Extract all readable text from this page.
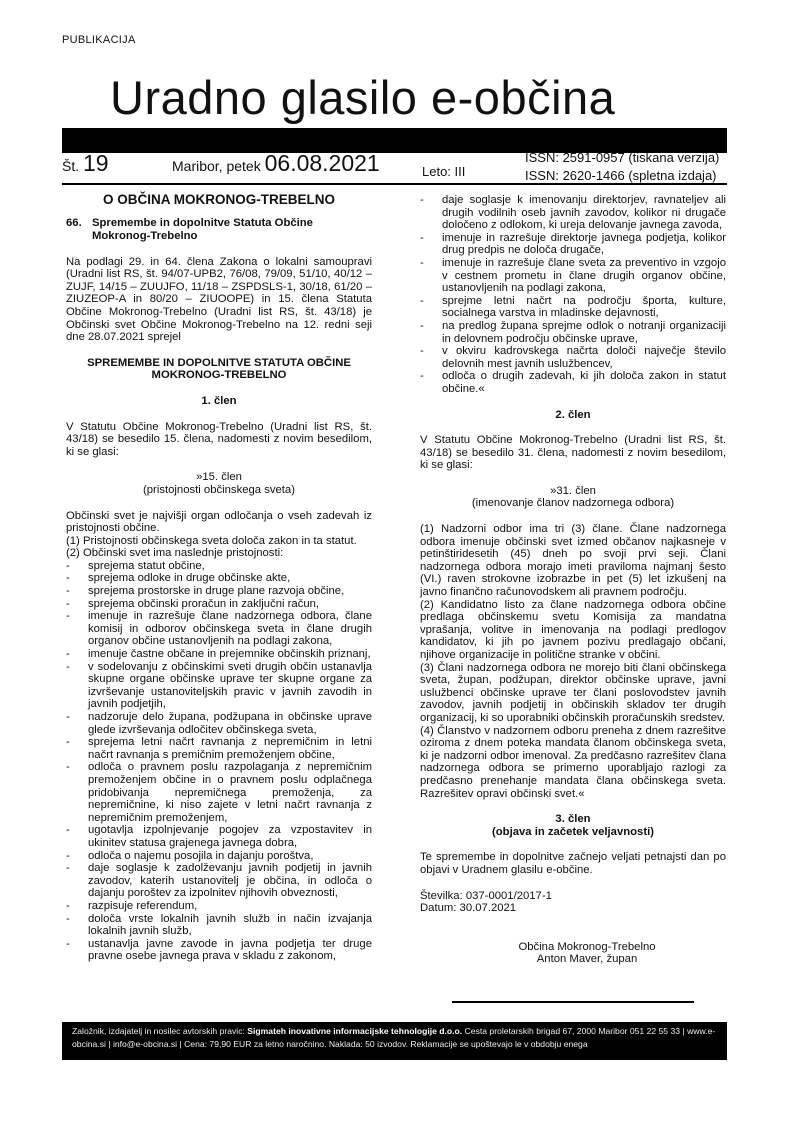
PUBLIKACIJA
Uradno glasilo e-občina
Št. 19	Maribor, petek 06.08.2021	Leto: III
ISSN: 2591-0957 (tiskana verzija)
ISSN: 2620-1466 (spletna izdaja)
O OBČINA MOKRONOG-TREBELNO
66. Spremembe in dopolnitve Statuta Občine Mokronog-Trebelno

Na podlagi 29. in 64. člena Zakona o lokalni samoupravi (Uradni list RS, št. 94/07-UPB2, 76/08, 79/09, 51/10, 40/12 – ZUJF, 14/15 – ZUUJFO, 11/18 – ZSPDSLS-1, 30/18, 61/20 – ZIUZEOP-A in 80/20 – ZIUOOPE) in 15. člena Statuta Občine Mokronog-Trebelno (Uradni list RS, št. 43/18) je Občinski svet Občine Mokronog-Trebelno na 12. redni seji dne 28.07.2021 sprejel

SPREMEMBE IN DOPOLNITVE STATUTA OBČINE
MOKRONOG-TREBELNO
1. člen

V Statutu Občine Mokronog-Trebelno (Uradni list RS, št. 43/18) se besedilo 15. člena, nadomesti z novim besedilom, ki se glasi:

»15. člen
(pristojnosti občinskega sveta)

Občinski svet je najvišji organ odločanja o vseh zadevah iz pristojnosti občine.

(1) Pristojnosti občinskega sveta določa zakon in ta statut.

(2) Občinski svet ima naslednje pristojnosti:

- sprejema statut občine,
- sprejema odloke in druge občinske akte,
- sprejema prostorske in druge plane razvoja občine,
- sprejema občinski proračun in zaključni račun,
- imenuje in razrešuje člane nadzornega odbora, člane komisij in odborov občinskega sveta in člane drugih organov občine ustanovljenih na podlagi zakona,
- imenuje častne občane in prejemnike občinskih priznanj,
- v sodelovanju z občinskimi sveti drugih občin ustanavlja skupne organe občinske uprave ter skupne organe za izvrševanje ustanoviteljskih pravic v javnih zavodih in javnih podjetjih,
- nadzoruje delo župana, podžupana in občinske uprave glede izvrševanja odločitev občinskega sveta,
- sprejema letni načrt ravnanja z nepremičnim in letni načrt ravnanja s premičnim premoženjem občine,
- odloča o pravnem poslu razpolaganja z nepremičnim premoženjem občine in o pravnem poslu odplačnega pridobivanja nepremičnega premoženja, za nepremičnine, ki niso zajete v letni načrt ravnanja z nepremičnim premoženjem,
- ugotavlja izpolnjevanje pogojev za vzpostavitev in ukinitev statusa grajenega javnega dobra,
- odloča o najemu posojila in dajanju poroštva,
- daje soglasje k zadolževanju javnih podjetij in javnih zavodov, katerih ustanovitelj je občina, in odloča o dajanju poroštev za izpolnitev njihovih obveznosti,
- razpisuje referendum,
- določa vrste lokalnih javnih služb in način izvajanja lokalnih javnih služb,
- ustanavlja javne zavode in javna podjetja ter druge pravne osebe javnega prava v skladu z zakonom,
- daje soglasje k imenovanju direktorjev, ravnateljev ali drugih vodilnih oseb javnih zavodov, kolikor ni drugače določeno z odlokom, ki ureja delovanje javnega zavoda,
- imenuje in razrešuje direktorje javnega podjetja, kolikor drug predpis ne določa drugače,
- imenuje in razrešuje člane sveta za preventivo in vzgojo v cestnem prometu in člane drugih organov občine, ustanovljenih na podlagi zakona,
- sprejme letni načrt na področju športa, kulture, socialnega varstva in mladinske dejavnosti,
- na predlog župana sprejme odlok o notranji organizaciji in delovnem področju občinske uprave,
- v okviru kadrovskega načrta določi največje število delovnih mest javnih uslužbencev,
- odloča o drugih zadevah, ki jih določa zakon in statut občine.«
2. člen

V Statutu Občine Mokronog-Trebelno (Uradni list RS, št. 43/18) se besedilo 31. člena, nadomesti z novim besedilom, ki se glasi:

»31. člen
(imenovanje članov nadzornega odbora)

(1) Nadzorni odbor ima tri (3) člane. Člane nadzornega odbora imenuje občinski svet izmed občanov najkasneje v petinštiridesetih (45) dneh po svoji prvi seji. Člani nadzornega odbora morajo imeti praviloma najmanj šesto (VI.) raven strokovne izobrazbe in pet (5) let izkušenj na javno finančno računovodskem ali pravnem področju.

(2) Kandidatno listo za člane nadzornega odbora občine predlaga občinskemu svetu Komisija za mandatna vprašanja, volitve in imenovanja na podlagi predlogov kandidatov, ki jih po javnem pozivu predlagajo občani, njihove organizacije in politične stranke v občini.

(3) Člani nadzornega odbora ne morejo biti člani občinskega sveta, župan, podžupan, direktor občinske uprave, javni uslužbenci občinske uprave ter člani poslovodstev javnih zavodov, javnih podjetij in občinskih skladov ter drugih organizacij, ki so uporabniki občinskih proračunskih sredstev.

(4) Članstvo v nadzornem odboru preneha z dnem razrešitve oziroma z dnem poteka mandata članom občinskega sveta, ki je nadzorni odbor imenoval. Za predčasno razrešitev člana nadzornega odbora se primerno uporabljajo razlogi za predčasno prenehanje mandata člana občinskega sveta. Razrešitev opravi občinski svet.«

3. člen
(objava in začetek veljavnosti)

Te spremembe in dopolnitve začnejo veljati petnajsti dan po objavi v Uradnem glasilu e-občine.

Številka: 037-0001/2017-1
Datum: 30.07.2021
Občina Mokronog-Trebelno
Anton Maver, župan
Založnik, izdajatelj in nosilec avtorskih pravic: Sigmateh inovativne informacijske tehnologije d.o.o. Cesta proletarskih brigad 67, 2000 Maribor 051 22 55 33 | www.e-obcina.si | info@e-obcina.si | Cena: 79,90 EUR za letno naročnino. Naklada: 50 izvodov. Reklamacije se upoštevajo le v obdobju enega
